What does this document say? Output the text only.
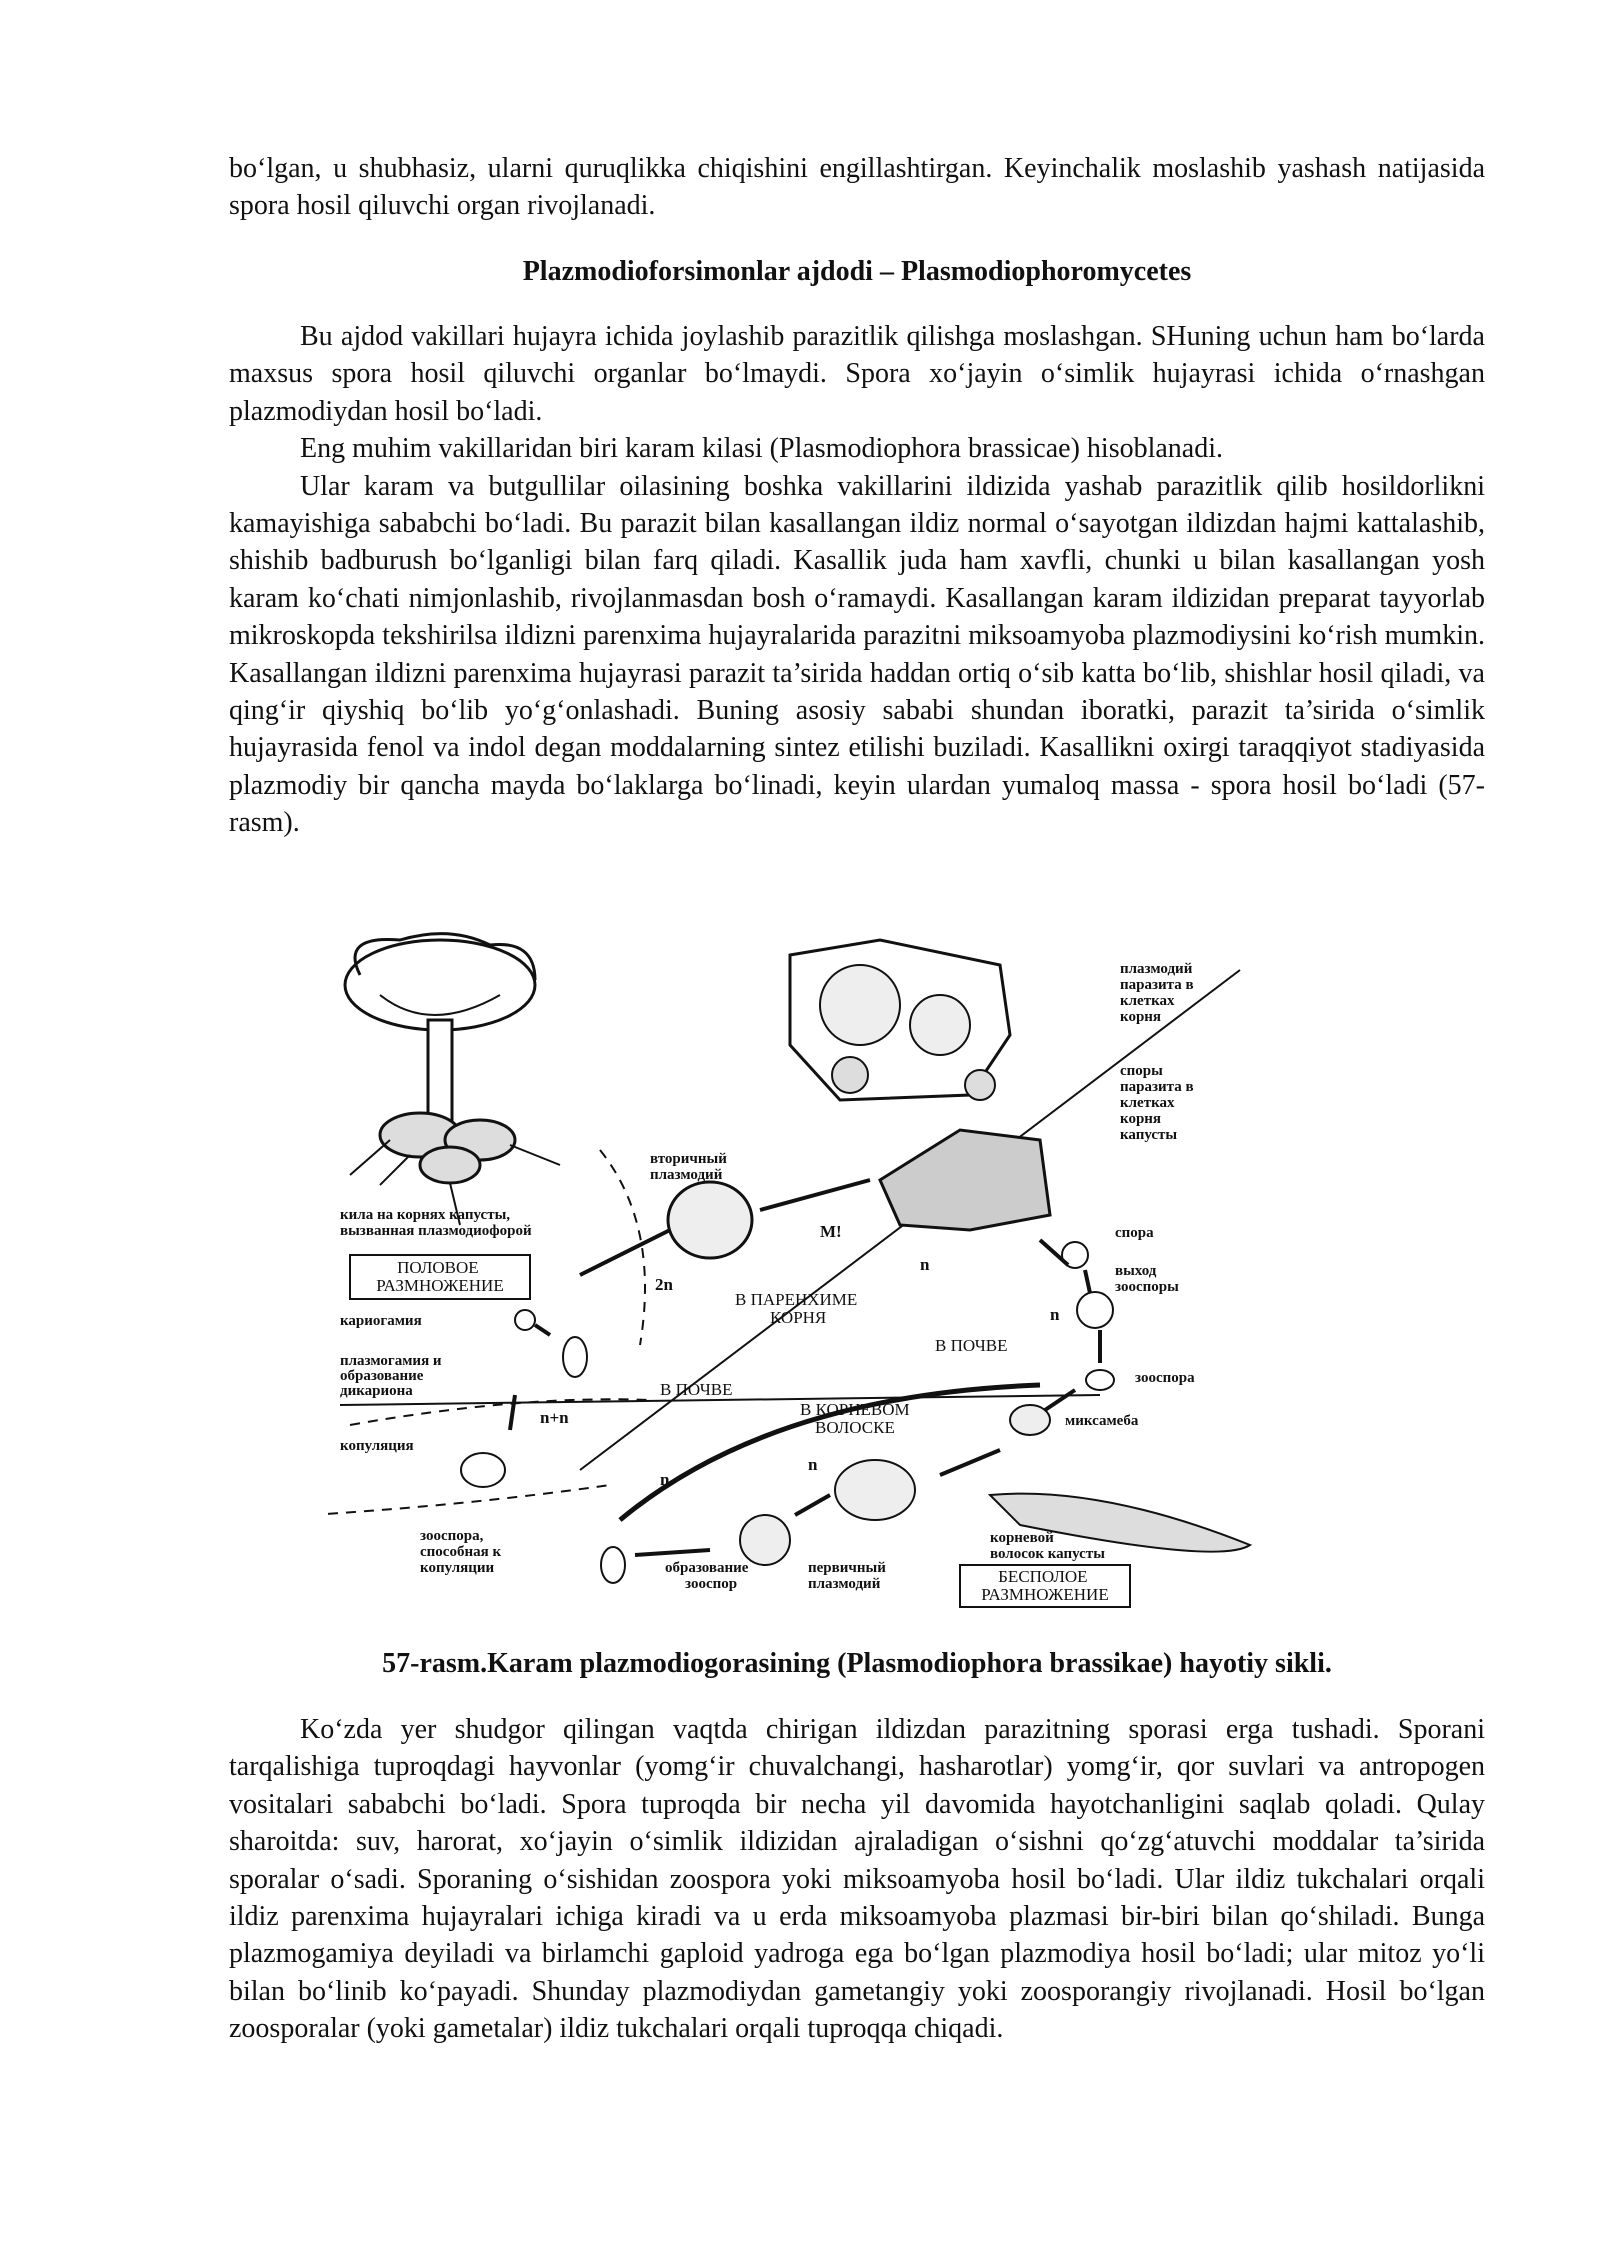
bo‘lgan, u shubhasiz, ularni quruqlikka chiqishini engillashtirgan. Keyinchalik moslashib yashash natijasida spora hosil qiluvchi organ rivojlanadi.

Plazmodioforsimonlar ajdodi – Plasmodiophoromycetes

Bu ajdod vakillari hujayra ichida joylashib parazitlik qilishga moslashgan. SHuning uchun ham bo‘larda maxsus spora hosil qiluvchi organlar bo‘lmaydi. Spora xo‘jayin o‘simlik hujayrasi ichida o‘rnashgan plazmodiydan hosil bo‘ladi.

Eng muhim vakillaridan biri karam kilasi (Plasmodiophora brassicae) hisoblanadi.

Ular karam va butgullilar oilasining boshka vakillarini ildizida yashab parazitlik qilib hosildorlikni kamayishiga sababchi bo‘ladi. Bu parazit bilan kasallangan ildiz normal o‘sayotgan ildizdan hajmi kattalashib, shishib badburush bo‘lganligi bilan farq qiladi. Kasallik juda ham xavfli, chunki u bilan kasallangan yosh karam ko‘chati nimjonlashib, rivojlanmasdan bosh o‘ramaydi. Kasallangan karam ildizidan preparat tayyorlab mikroskopda tekshirilsa ildizni parenxima hujayralarida parazitni miksoamyoba plazmodiysini ko‘rish mumkin. Kasallangan ildizni parenxima hujayrasi parazit ta’sirida haddan ortiq o‘sib katta bo‘lib, shishlar hosil qiladi, va qing‘ir qiyshiq bo‘lib yo‘g‘onlashadi. Buning asosiy sababi shundan iboratki, parazit ta’sirida o‘simlik hujayrasida fenol va indol degan moddalarning sintez etilishi buziladi. Kasallikni oxirgi taraqqiyot stadiyasida plazmodiy bir qancha mayda bo‘laklarga bo‘linadi, keyin ulardan yumaloq massa - spora hosil bo‘ladi (57-rasm).

плазмодий паразита в клетках корня
споры паразита в клетках корня капусты
вторичный плазмодий
кила на корнях капусты, вызванная плазмодиофорой
ПОЛОВОЕ РАЗМНОЖЕНИЕ
кариогамия
плазмогамия и образование дикариона
копуляция
зооспора, способная к копуляции	образование зооспор
первичный плазмодий
корневой волосок капусты
БЕСПОЛОЕ РАЗМНОЖЕНИЕ
В ПАРЕНХИМЕ КОРНЯ
В ПОЧВЕ
В ПОЧВЕ
В КОРНЕВОМ ВОЛОСКЕ
спора
выход зооспоры
зооспора
миксамеба
2n
n+n
n
n
n
n
M!
57-rasm.Karam plazmodiogorasining (Plasmodiophora brassikae) hayotiy sikli.

Ko‘zda yer shudgor qilingan vaqtda chirigan ildizdan parazitning sporasi erga tushadi. Sporani tarqalishiga tuproqdagi hayvonlar (yomg‘ir chuvalchangi, hasharotlar) yomg‘ir, qor suvlari va antropogen vositalari sababchi bo‘ladi. Spora tuproqda bir necha yil davomida hayotchanligini saqlab qoladi. Qulay sharoitda: suv, harorat, xo‘jayin o‘simlik ildizidan ajraladigan o‘sishni qo‘zg‘atuvchi moddalar ta’sirida sporalar o‘sadi. Sporaning o‘sishidan zoospora yoki miksoamyoba hosil bo‘ladi. Ular ildiz tukchalari orqali ildiz parenxima hujayralari ichiga kiradi va u erda miksoamyoba plazmasi bir-biri bilan qo‘shiladi. Bunga plazmogamiya deyiladi va birlamchi gaploid yadroga ega bo‘lgan plazmodiya hosil bo‘ladi; ular mitoz yo‘li bilan bo‘linib ko‘payadi. Shunday plazmodiydan gametangiy yoki zoosporangiy rivojlanadi. Hosil bo‘lgan zoosporalar (yoki gametalar) ildiz tukchalari orqali tuproqqa chiqadi.
